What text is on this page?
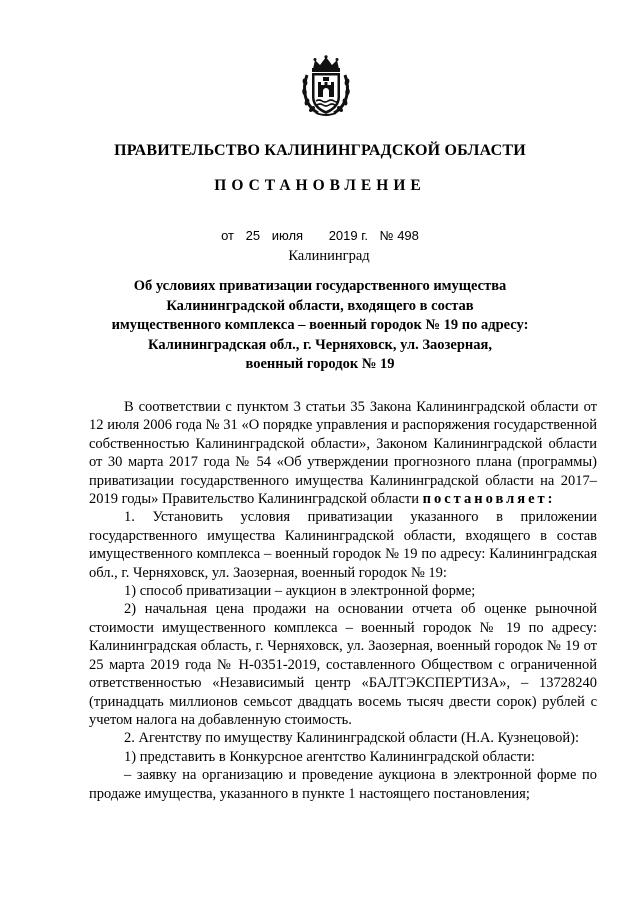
ПРАВИТЕЛЬСТВО КАЛИНИНГРАДСКОЙ ОБЛАСТИ
ПОСТАНОВЛЕНИЕ
от 25 июля 2019 г. № 498
Калининград
Об условиях приватизации государственного имущества
Калининградской области, входящего в состав
имущественного комплекса – военный городок № 19 по адресу:
Калининградская обл., г. Черняховск, ул. Заозерная,
военный городок № 19

В соответствии с пунктом 3 статьи 35 Закона Калининградской области от 12 июля 2006 года № 31 «О порядке управления и распоряжения государственной собственностью Калининградской области», Законом Калининградской области от 30 марта 2017 года № 54 «Об утверждении прогнозного плана (программы) приватизации государственного имущества Калининградской области на 2017–2019 годы» Правительство Калининградской области постановляет:

1. Установить условия приватизации указанного в приложении государственного имущества Калининградской области, входящего в состав имущественного комплекса – военный городок № 19 по адресу: Калининградская обл., г. Черняховск, ул. Заозерная, военный городок № 19:

1) способ приватизации – аукцион в электронной форме;

2) начальная цена продажи на основании отчета об оценке рыночной стоимости имущественного комплекса – военный городок № 19 по адресу: Калининградская область, г. Черняховск, ул. Заозерная, военный городок № 19 от 25 марта 2019 года № Н-0351-2019, составленного Обществом с ограниченной ответственностью «Независимый центр «БАЛТЭКСПЕРТИЗА», – 13728240 (тринадцать миллионов семьсот двадцать восемь тысяч двести сорок) рублей с учетом налога на добавленную стоимость.

2. Агентству по имуществу Калининградской области (Н.А. Кузнецовой):

1) представить в Конкурсное агентство Калининградской области:

– заявку на организацию и проведение аукциона в электронной форме по продаже имущества, указанного в пункте 1 настоящего постановления;
